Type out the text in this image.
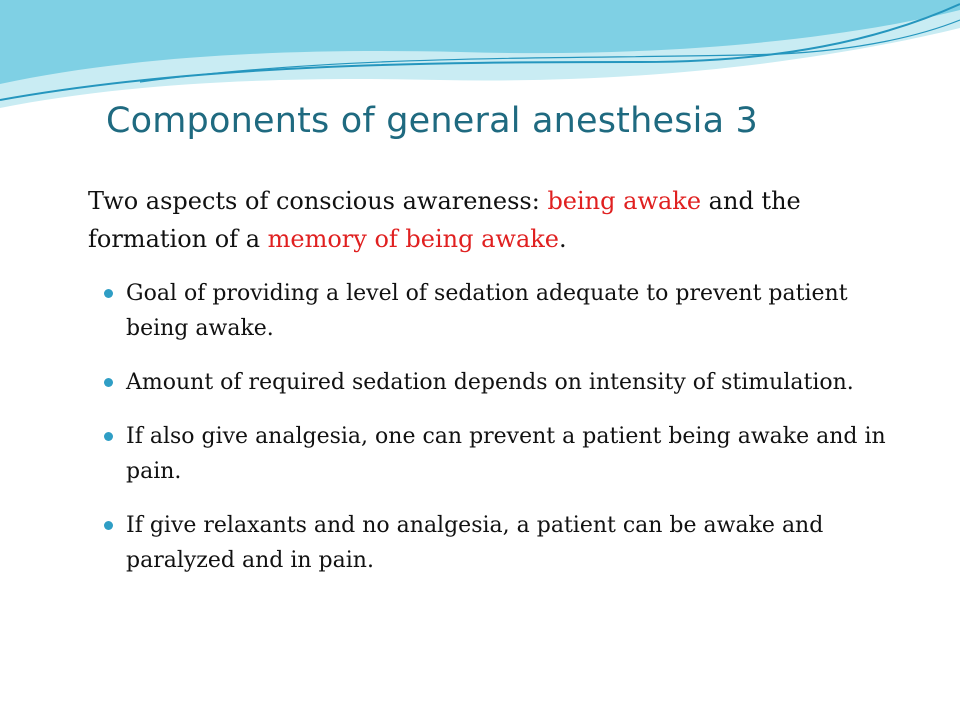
Components of general anesthesia 3

Two aspects of conscious awareness: being awake and the formation of a memory of being awake.

Goal of providing a level of sedation adequate to prevent patient being awake.
Amount of required sedation depends on intensity of stimulation.
If also give analgesia, one can prevent a patient being awake and in pain.
If give relaxants and no analgesia, a patient can be awake and paralyzed and in pain.
